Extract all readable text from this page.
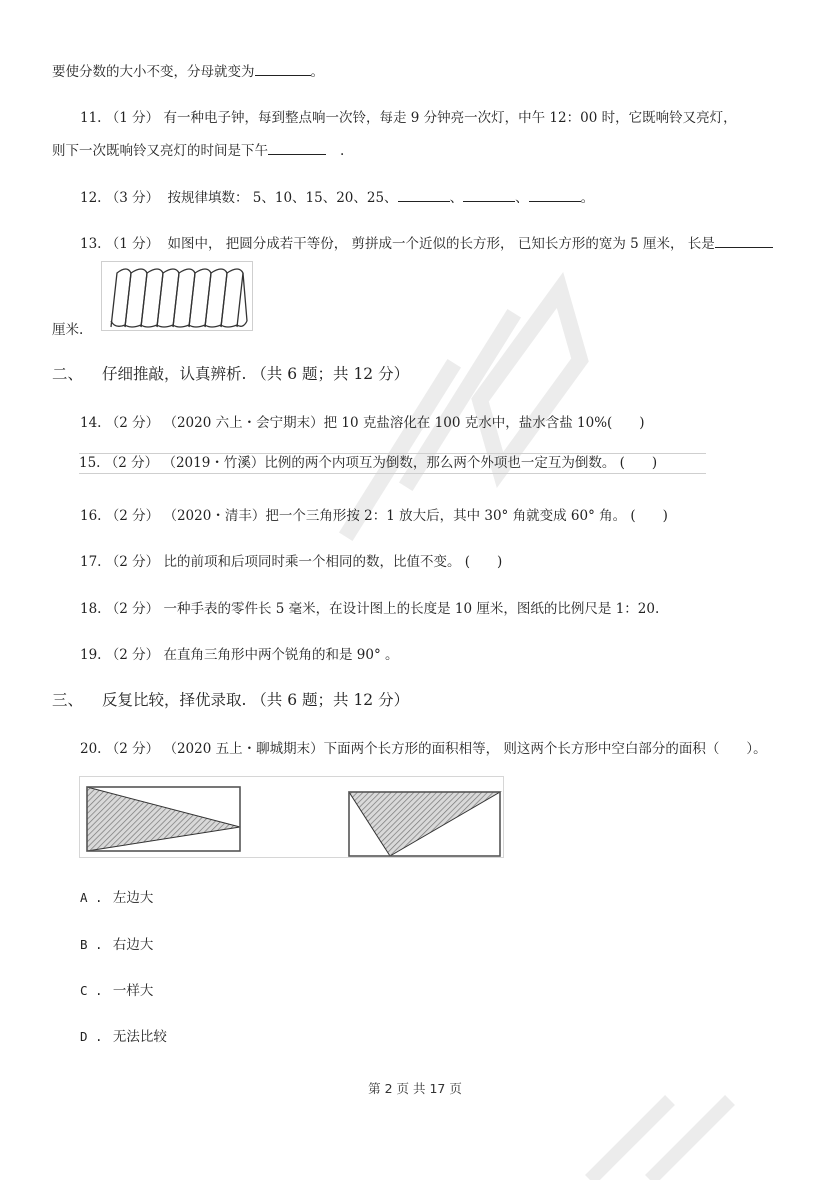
要使分数的大小不变，分母就变为	。
11. （1 分） 有一种电子钟，每到整点响一次铃，每走 9 分钟亮一次灯，中午 12：00 时，它既响铃又亮灯，
则下一次既响铃又亮灯的时间是下午	.
12. （3 分） 按规律填数： 5、10、15、20、25、	、	、	。
13. （1 分） 如图中， 把圆分成若干等份， 剪拼成一个近似的长方形， 已知长方形的宽为 5 厘米， 长是
厘米.
二、 仔细推敲，认真辨析. （共 6 题；共 12 分）
14. （2 分） （2020 六上・会宁期末）把 10 克盐溶化在 100 克水中，盐水含盐 10%(　　)
15. （2 分） （2019・竹溪）比例的两个内项互为倒数，那么两个外项也一定互为倒数。 (　　)
16. （2 分） （2020・清丰）把一个三角形按 2：1 放大后，其中 30° 角就变成 60° 角。 (　　)
17. （2 分） 比的前项和后项同时乘一个相同的数，比值不变。 (　　)
18. （2 分） 一种手表的零件长 5 毫米，在设计图上的长度是 10 厘米，图纸的比例尺是 1：20.
19. （2 分） 在直角三角形中两个锐角的和是 90° 。
三、 反复比较，择优录取. （共 6 题；共 12 分）
20. （2 分） （2020 五上・聊城期末）下面两个长方形的面积相等， 则这两个长方形中空白部分的面积（　　）。
A . 左边大
B . 右边大
C . 一样大
D . 无法比较
第 2 页 共 17 页
